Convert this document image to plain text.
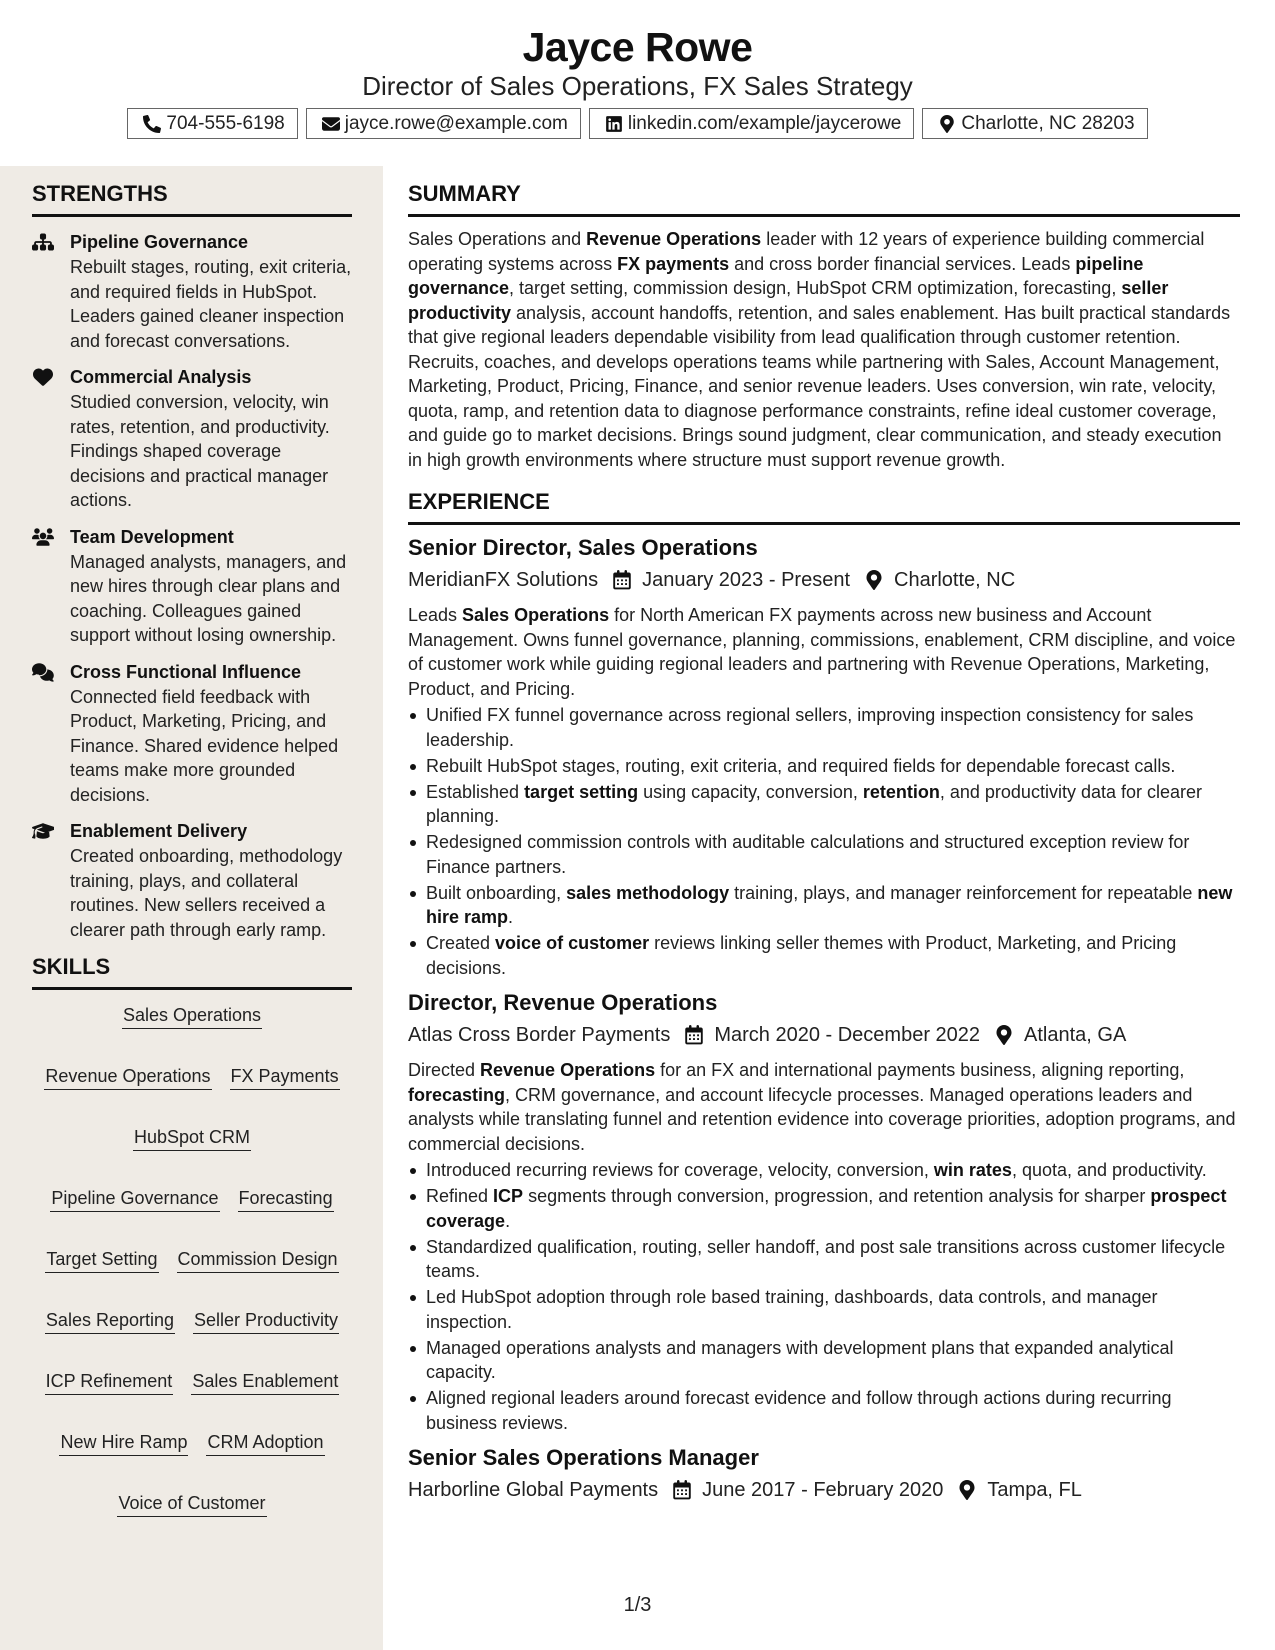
Jayce Rowe
Director of Sales Operations, FX Sales Strategy
704-555-6198	jayce.rowe@example.com	linkedin.com/example/jaycerowe	Charlotte, NC 28203
STRENGTHS
Pipeline Governance
Rebuilt stages, routing, exit criteria, and required fields in HubSpot. Leaders gained cleaner inspection and forecast conversations.
Commercial Analysis
Studied conversion, velocity, win rates, retention, and productivity. Findings shaped coverage decisions and practical manager actions.
Team Development
Managed analysts, managers, and new hires through clear plans and coaching. Colleagues gained support without losing ownership.
Cross Functional Influence
Connected field feedback with Product, Marketing, Pricing, and Finance. Shared evidence helped teams make more grounded decisions.
Enablement Delivery
Created onboarding, methodology training, plays, and collateral routines. New sellers received a clearer path through early ramp.
SKILLS
Sales Operations
Revenue Operations FX Payments
HubSpot CRM
Pipeline Governance Forecasting
Target Setting Commission Design
Sales Reporting Seller Productivity
ICP Refinement Sales Enablement
New Hire Ramp CRM Adoption
Voice of Customer
SUMMARY
Sales Operations and Revenue Operations leader with 12 years of experience building commercial operating systems across FX payments and cross border financial services. Leads pipeline governance, target setting, commission design, HubSpot CRM optimization, forecasting, seller productivity analysis, account handoffs, retention, and sales enablement. Has built practical standards that give regional leaders dependable visibility from lead qualification through customer retention. Recruits, coaches, and develops operations teams while partnering with Sales, Account Management, Marketing, Product, Pricing, Finance, and senior revenue leaders. Uses conversion, win rate, velocity, quota, ramp, and retention data to diagnose performance constraints, refine ideal customer coverage, and guide go to market decisions. Brings sound judgment, clear communication, and steady execution in high growth environments where structure must support revenue growth.
EXPERIENCE
Senior Director, Sales Operations
MeridianFX Solutions January 2023 - Present Charlotte, NC
Leads Sales Operations for North American FX payments across new business and Account Management. Owns funnel governance, planning, commissions, enablement, CRM discipline, and voice of customer work while guiding regional leaders and partnering with Revenue Operations, Marketing, Product, and Pricing.
Unified FX funnel governance across regional sellers, improving inspection consistency for sales leadership.
Rebuilt HubSpot stages, routing, exit criteria, and required fields for dependable forecast calls.
Established target setting using capacity, conversion, retention, and productivity data for clearer planning.
Redesigned commission controls with auditable calculations and structured exception review for Finance partners.
Built onboarding, sales methodology training, plays, and manager reinforcement for repeatable new hire ramp.
Created voice of customer reviews linking seller themes with Product, Marketing, and Pricing decisions.
Director, Revenue Operations
Atlas Cross Border Payments March 2020 - December 2022 Atlanta, GA
Directed Revenue Operations for an FX and international payments business, aligning reporting, forecasting, CRM governance, and account lifecycle processes. Managed operations leaders and analysts while translating funnel and retention evidence into coverage priorities, adoption programs, and commercial decisions.
Introduced recurring reviews for coverage, velocity, conversion, win rates, quota, and productivity.
Refined ICP segments through conversion, progression, and retention analysis for sharper prospect coverage.
Standardized qualification, routing, seller handoff, and post sale transitions across customer lifecycle teams.
Led HubSpot adoption through role based training, dashboards, data controls, and manager inspection.
Managed operations analysts and managers with development plans that expanded analytical capacity.
Aligned regional leaders around forecast evidence and follow through actions during recurring business reviews.
Senior Sales Operations Manager
Harborline Global Payments June 2017 - February 2020 Tampa, FL
1/3
